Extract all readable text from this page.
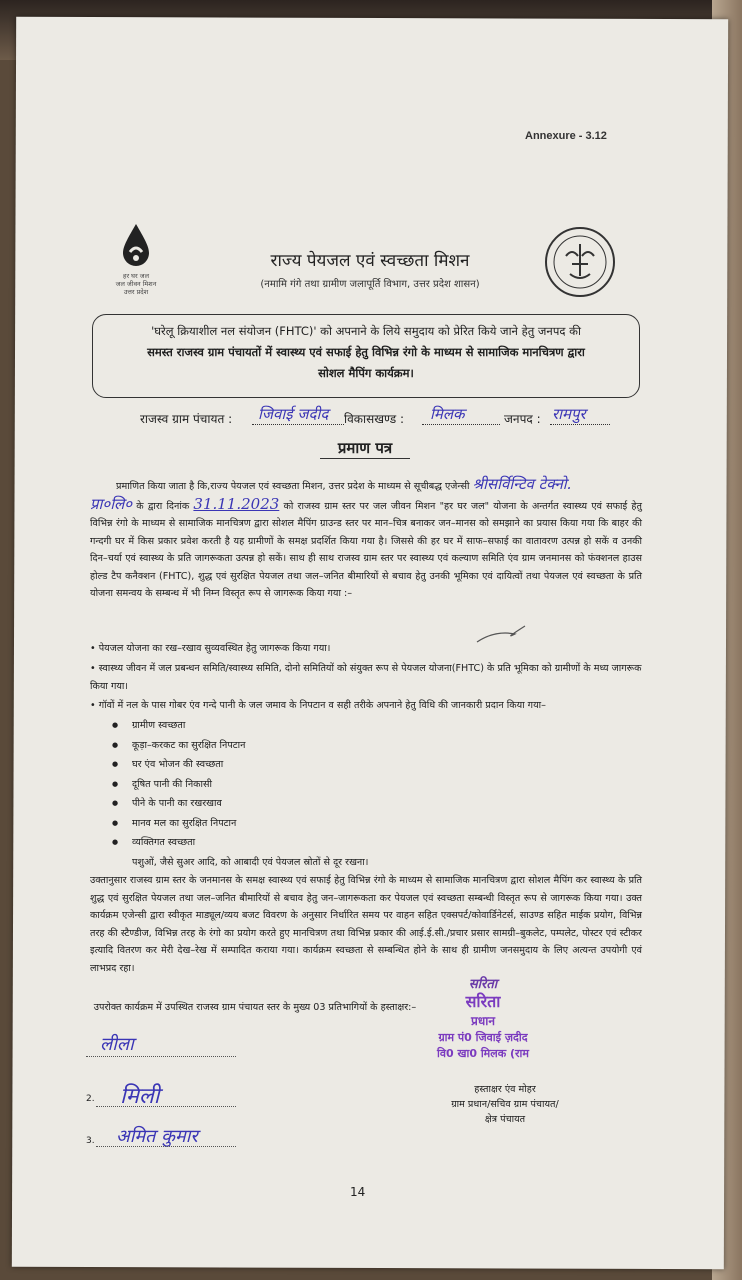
Annexure - 3.12
हर घर जल
जल जीवन मिशन
उत्तर प्रदेश
राज्य पेयजल एवं स्वच्छता मिशन
(नमामि गंगे तथा ग्रामीण जलापूर्ति विभाग, उत्तर प्रदेश शासन)
'घरेलू क्रियाशील नल संयोजन (FHTC)' को अपनाने के लिये समुदाय को प्रेरित किये जाने हेतु जनपद की
समस्त राजस्व ग्राम पंचायतों में स्वास्थ्य एवं सफाई हेतु विभिन्न रंगो के माध्यम से सामाजिक मानचित्रण द्वारा
सोशल मैपिंग कार्यक्रम।
राजस्व ग्राम पंचायत : जिवाई जदीद विकासखण्ड : मिलक	जनपद : रामपुर
प्रमाण पत्र
प्रमाणित किया जाता है कि,राज्य पेयजल एवं स्वच्छता मिशन, उत्तर प्रदेश के माध्यम से सूचीबद्ध एजेन्सी श्रीसर्विन्टिव टेक्नो.
प्रा०लि० के द्वारा दिनांक 31.11.2023 को राजस्व ग्राम स्तर पर जल जीवन मिशन "हर घर जल" योजना के अन्तर्गत स्वास्थ्य एवं सफाई हेतु विभिन्न रंगो के माध्यम से सामाजिक मानचित्रण द्वारा सोशल मैपिंग ग्राउन्ड स्तर पर मान–चित्र बनाकर जन–मानस को समझाने का प्रयास किया गया कि बाहर की गन्दगी घर में किस प्रकार प्रवेश करती है यह ग्रामीणों के समक्ष प्रदर्शित किया गया है। जिससे की हर घर में साफ–सफाई का वातावरण उत्पन्न हो सकें व उनकी दिन–चर्या एवं स्वास्थ्य के प्रति जागरूकता उत्पन्न हो सकें। साथ ही साथ राजस्व ग्राम स्तर पर स्वास्थ्य एवं कल्याण समिति एंव ग्राम जनमानस को फंक्शनल हाउस होल्ड टैप कनैक्शन (FHTC), शुद्ध एवं सुरक्षित पेयजल तथा जल–जनित बीमारियों से बचाव हेतु उनकी भूमिका एवं दायित्वों तथा पेयजल एवं स्वच्छता के प्रति योजना समन्वय के सम्बन्ध में भी निम्न विस्तृत रूप से जागरूक किया गया :–
• पेयजल योजना का रख–रखाव सुव्यवस्थित हेतु जागरूक किया गया।
• स्वास्थ्य जीवन में जल प्रबन्धन समिति/स्वास्थ्य समिति, दोनो समितियों को संयुक्त रूप से पेयजल योजना(FHTC) के प्रति भूमिका को ग्रामीणों के मध्य जागरूक किया गया।
• गॉवों में नल के पास गोबर एंव गन्दे पानी के जल जमाव के निपटान व सही तरीके अपनाने हेतु विधि की जानकारी प्रदान किया गया–
● ग्रामीण स्वच्छता
● कूड़ा–करकट का सुरक्षित निपटान
● घर एंव भोजन की स्वच्छता
● दूषित पानी की निकासी
● पीने के पानी का रखरखाव
● मानव मल का सुरक्षित निपटान
● व्यक्तिगत स्वच्छता
पशुओं, जैसे सुअर आदि, को आबादी एवं पेयजल स्रोतों से दूर रखना।
उक्तानुसार राजस्व ग्राम स्तर के जनमानस के समक्ष स्वास्थ्य एवं सफाई हेतु विभिन्न रंगो के माध्यम से सामाजिक मानचित्रण द्वारा सोशल मैपिंग कर स्वास्थ्य के प्रति शुद्ध एवं सुरक्षित पेयजल तथा जल–जनित बीमारियों से बचाव हेतु जन–जागरूकता कर पेयजल एवं स्वच्छता सम्बन्धी विस्तृत रूप से जागरूक किया गया। उक्त कार्यक्रम एजेन्सी द्वारा स्वीकृत माड्यूल/व्यय बजट विवरण के अनुसार निर्धारित समय पर वाहन सहित एक्सपर्ट/कोवार्डिनेटर्स, साउण्ड सहित माईक प्रयोग, विभिन्न तरह की स्टैण्डीज, विभिन्न तरह के रंगो का प्रयोग करते हुए मानचित्रण तथा विभिन्न प्रकार की आई.ई.सी./प्रचार प्रसार सामग्री–बुकलेट, पम्पलेट, पोस्टर एवं स्टीकर इत्यादि वितरण कर मेरी देख–रेख में सम्पादित कराया गया। कार्यक्रम स्वच्छता से सम्बन्धित होने के साथ ही ग्रामीण जनसमुदाय के लिए अत्यन्त उपयोगी एवं लाभप्रद रहा।
उपरोक्त कार्यक्रम में उपस्थित राजस्व ग्राम पंचायत स्तर के मुख्य 03 प्रतिभागियों के हस्ताक्षर:–
लीला
2. मिली
3. अमित कुमार
सरिता
सरिता
प्रधान
ग्राम पं0 जिवाई ज़दीद
वि0 खा0 मिलक (राम
हस्ताक्षर एंव मोहर
ग्राम प्रधान/सचिव ग्राम पंचायत/
क्षेत्र पंचायत
14
